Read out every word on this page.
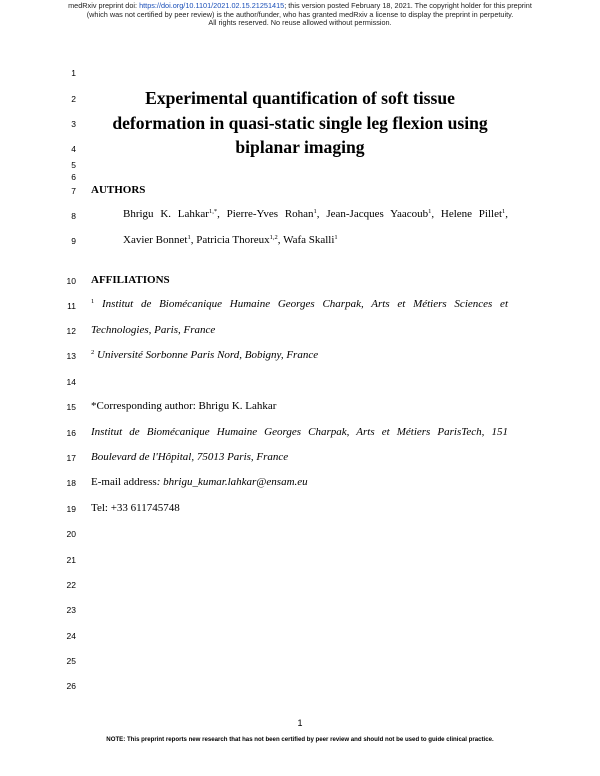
medRxiv preprint doi: https://doi.org/10.1101/2021.02.15.21251415; this version posted February 18, 2021. The copyright holder for this preprint
(which was not certified by peer review) is the author/funder, who has granted medRxiv a license to display the preprint in perpetuity.
All rights reserved. No reuse allowed without permission.
1
2
3
4
5
6
7
8
9
10
11
12
13
14
15
16
17
18
19
20
21
22
23
24
25
26
Experimental quantification of soft tissue
deformation in quasi-static single leg flexion using
biplanar imaging
AUTHORS
Bhrigu K. Lahkar$^{1,*}$, Pierre-Yves Rohan$^1$, Jean-Jacques Yaacoub$^1$, Helene Pillet$^1$,
Xavier Bonnet$^1$, Patricia Thoreux$^{1,2}$, Wafa Skalli$^1$
AFFILIATIONS
$^1$ Institut de Biomécanique Humaine Georges Charpak, Arts et Métiers Sciences et
Technologies, Paris, France
$^2$ Université Sorbonne Paris Nord, Bobigny, France
*Corresponding author: Bhrigu K. Lahkar
Institut de Biomécanique Humaine Georges Charpak, Arts et Métiers ParisTech, 151
Boulevard de l'Hôpital, 75013 Paris, France
E-mail address: bhrigu_kumar.lahkar@ensam.eu
Tel: +33 611745748
1
NOTE: This preprint reports new research that has not been certified by peer review and should not be used to guide clinical practice.
